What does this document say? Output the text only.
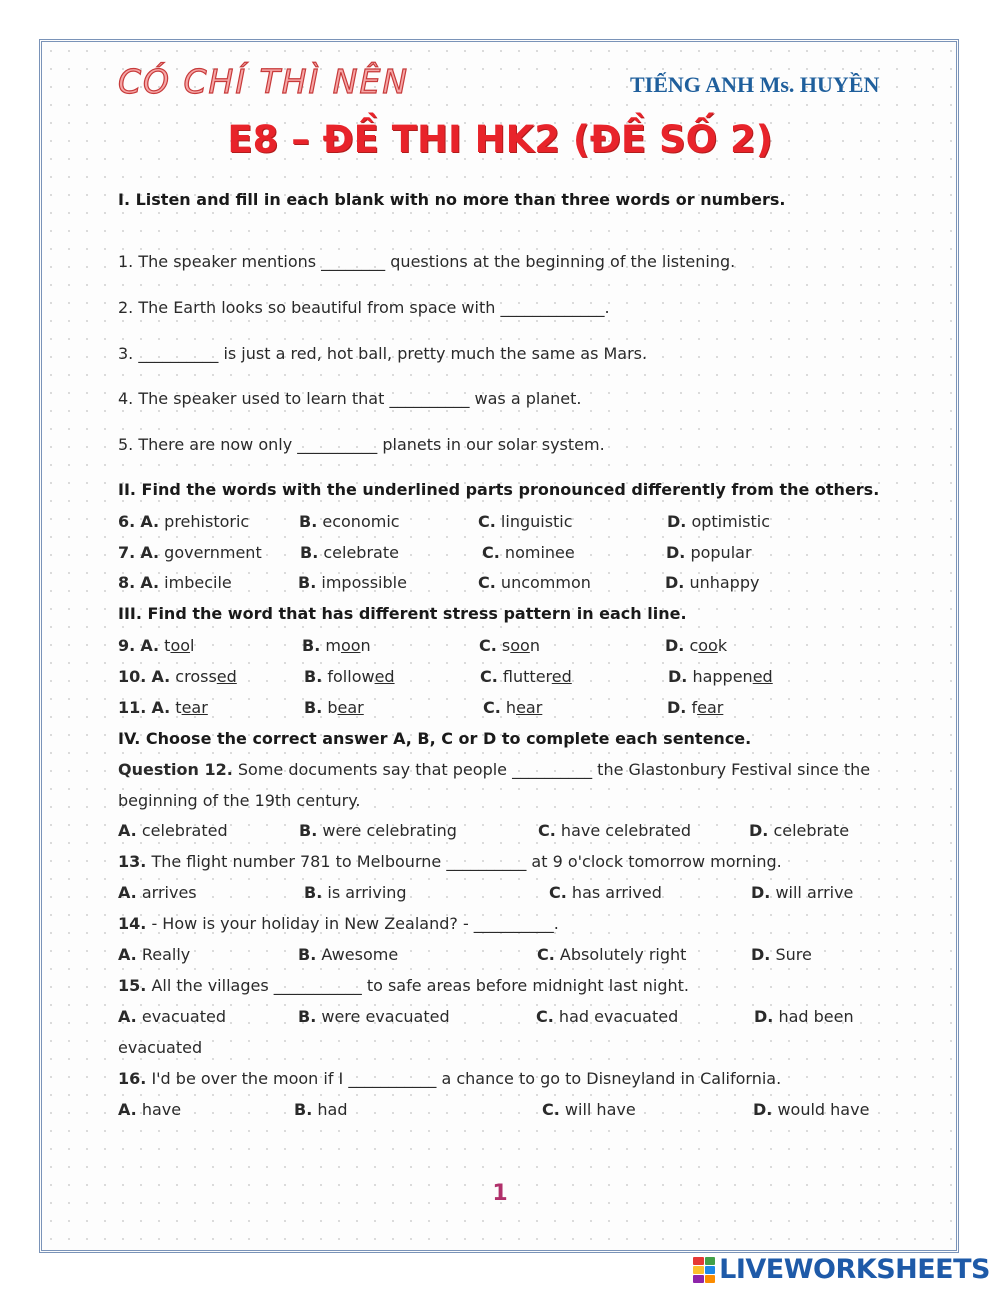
CÓ CHÍ THÌ NÊN	TIẾNG ANH Ms. HUYỀN
E8 – ĐỀ THI HK2 (ĐỀ SỐ 2)
I. Listen and fill in each blank with no more than three words or numbers.
1. The speaker mentions ________ questions at the beginning of the listening.
2. The Earth looks so beautiful from space with _____________.
3. __________ is just a red, hot ball, pretty much the same as Mars.
4. The speaker used to learn that __________ was a planet.
5. There are now only __________ planets in our solar system.
II. Find the words with the underlined parts pronounced differently from the others.
6. A. prehistoric	B. economic	C. linguistic	D. optimistic
7. A. government B. celebrate	C. nominee	D. popular
8. A. imbecile	B. impossible	C. uncommon	D. unhappy
III. Find the word that has different stress pattern in each line.
9. A. tool	B. moon	C. soon	D. cook
10. A. crossed	B. followed	C. fluttered	D. happened
11. A. tear	B. bear	C. hear	D. fear
IV. Choose the correct answer A, B, C or D to complete each sentence.
Question 12. Some documents say that people __________ the Glastonbury Festival since the
beginning of the 19th century.
A. celebrated	B. were celebrating	C. have celebrated	D. celebrate
13. The flight number 781 to Melbourne __________ at 9 o'clock tomorrow morning.
A. arrives	B. is arriving	C. has arrived	D. will arrive
14. - How is your holiday in New Zealand? - __________.
A. Really	B. Awesome	C. Absolutely right	D. Sure
15. All the villages ___________ to safe areas before midnight last night.
A. evacuated	B. were evacuated	C. had evacuated	D. had been
evacuated
16. I'd be over the moon if I ___________ a chance to go to Disneyland in California.
A. have	B. had	C. will have	D. would have
1
LIVEWORKSHEETS
